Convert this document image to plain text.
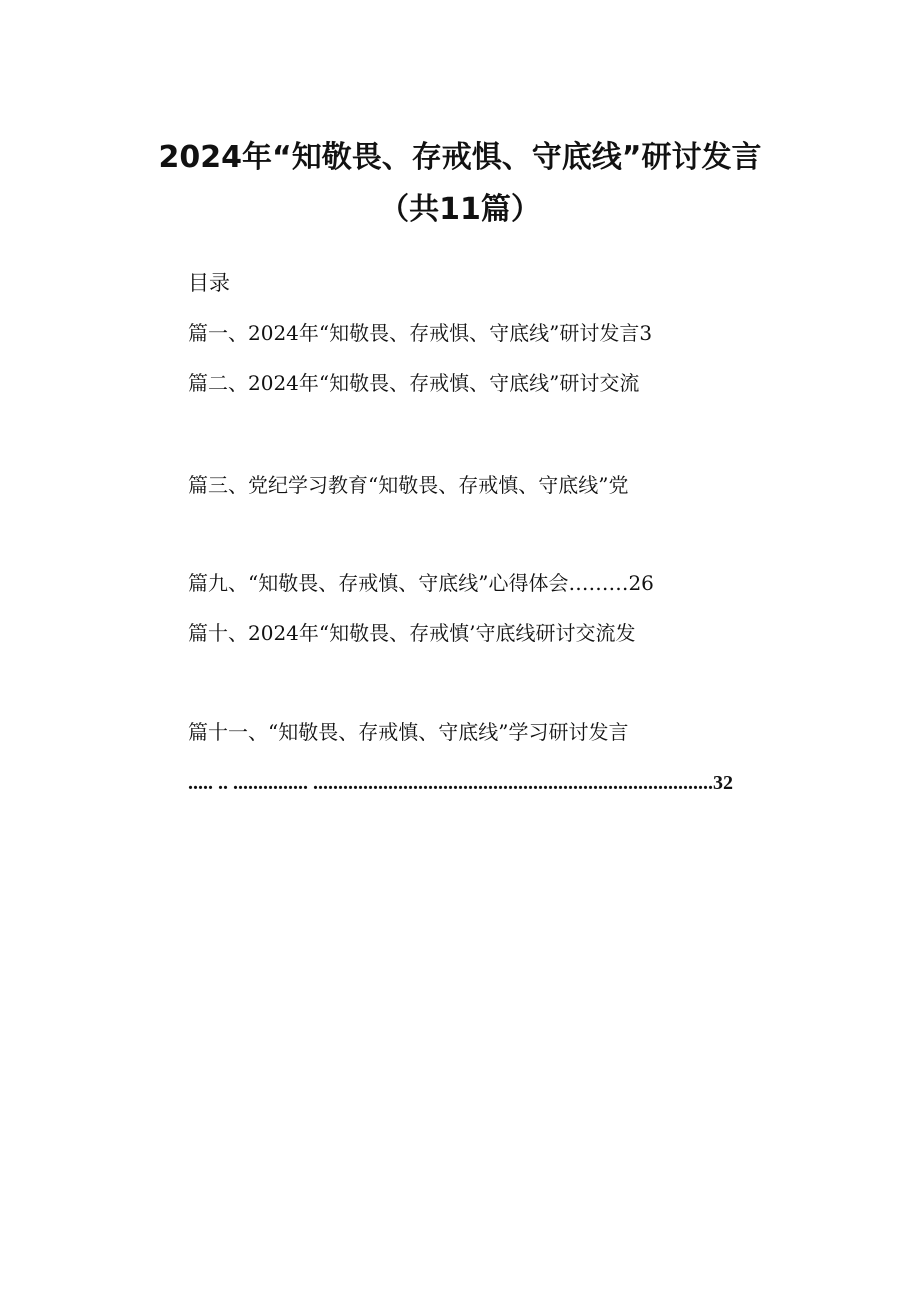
2024年“知敬畏、存戒惧、守底线”研讨发言
（共11篇）
目录
篇一、2024年“知敬畏、存戒惧、守底线”研讨发言3
篇二、2024年“知敬畏、存戒慎、守底线”研讨交流
篇三、党纪学习教育“知敬畏、存戒慎、守底线”党
篇九、“知敬畏、存戒慎、守底线”心得体会………26
篇十、2024年“知敬畏、存戒慎’守底线研讨交流发
篇十一、“知敬畏、存戒慎、守底线”学习研讨发言
..... .. ............... ................................................................................32
